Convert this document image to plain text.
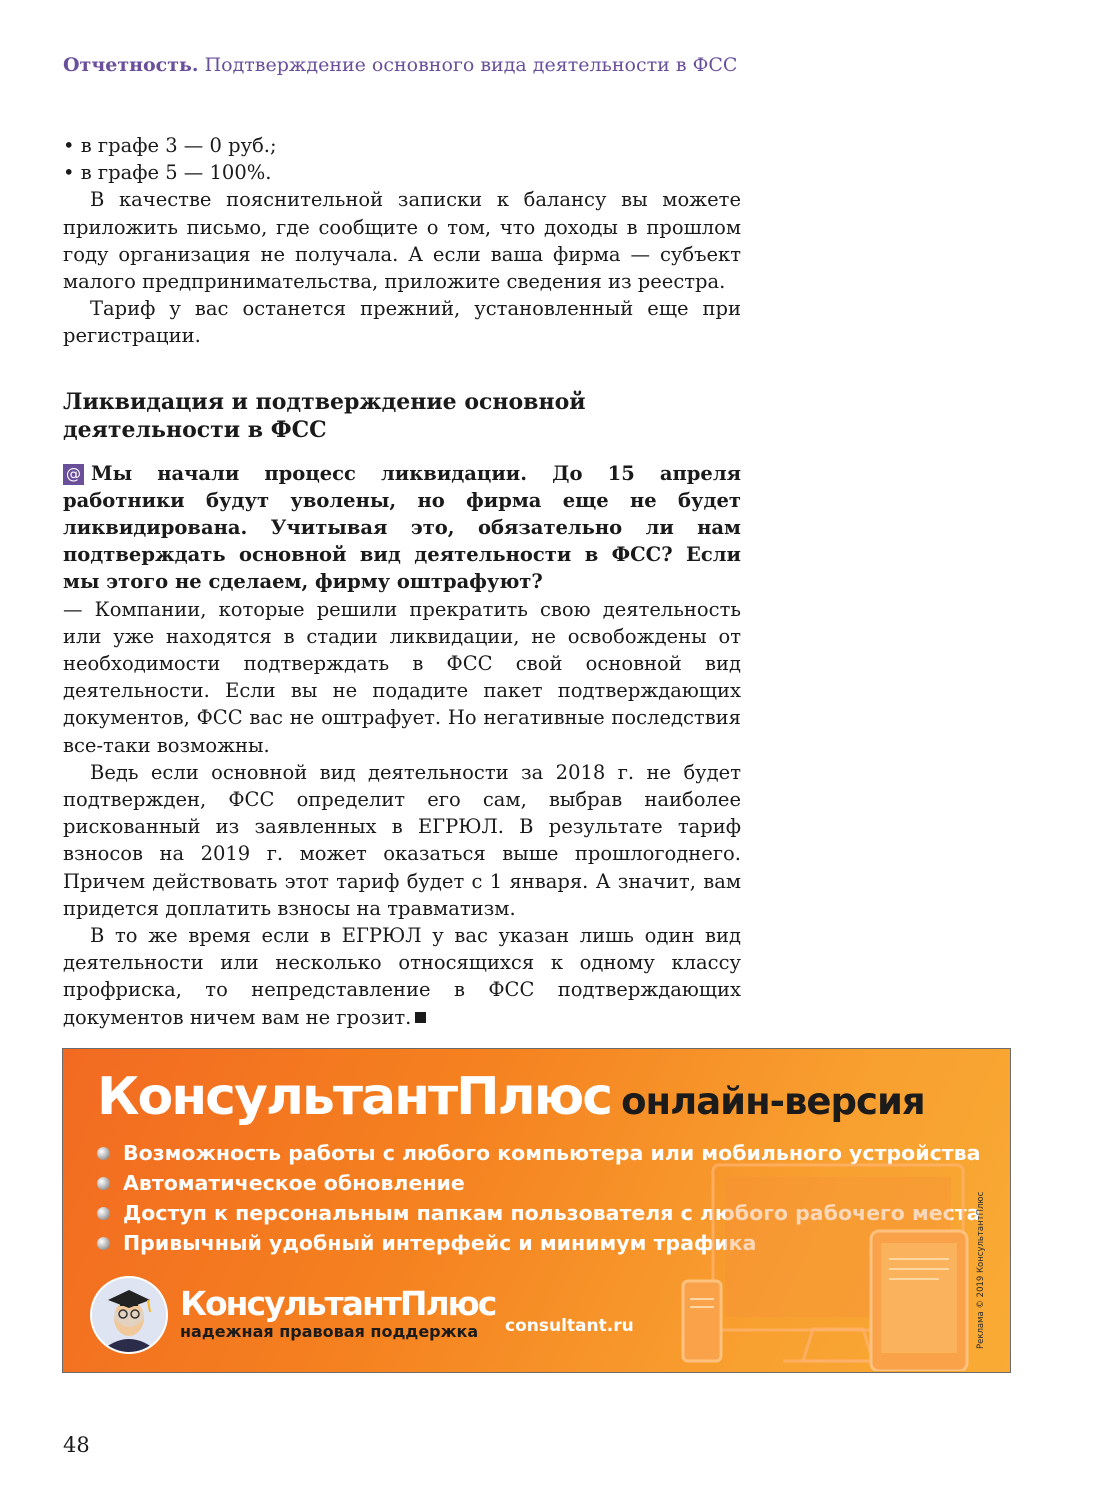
Отчетность. Подтверждение основного вида деятельности в ФСС

• в графе 3 — 0 руб.;

• в графе 5 — 100%.

В качестве пояснительной записки к балансу вы можете приложить письмо, где сообщите о том, что доходы в прошлом году организация не получала. А если ваша фирма — субъект малого предпринимательства, приложите сведения из реестра.

Тариф у вас останется прежний, установленный еще при регистрации.

Ликвидация и подтверждение основной деятельности в ФСС

@ Мы начали процесс ликвидации. До 15 апреля работники будут уволены, но фирма еще не будет ликвидирована. Учитывая это, обязательно ли нам подтверждать основной вид деятельности в ФСС? Если мы этого не сделаем, фирму оштрафуют?

— Компании, которые решили прекратить свою деятельность или уже находятся в стадии ликвидации, не освобождены от необходимости подтверждать в ФСС свой основной вид деятельности. Если вы не подадите пакет подтверждающих документов, ФСС вас не оштрафует. Но негативные последствия все-таки возможны.

Ведь если основной вид деятельности за 2018 г. не будет подтвержден, ФСС определит его сам, выбрав наиболее рискованный из заявленных в ЕГРЮЛ. В результате тариф взносов на 2019 г. может оказаться выше прошлогоднего. Причем действовать этот тариф будет с 1 января. А значит, вам придется доплатить взносы на травматизм.

В то же время если в ЕГРЮЛ у вас указан лишь один вид деятельности или несколько относящихся к одному классу профриска, то непредставление в ФСС подтверждающих документов ничем вам не грозит.

КонсультантПлюс онлайн-версия
Возможность работы с любого компьютера или мобильного устройства
Автоматическое обновление
Доступ к персональным папкам пользователя с любого рабочего места
Привычный удобный интерфейс и минимум трафика
КонсультантПлюс
надежная правовая поддержка	consultant.ru	Реклама © 2019 КонсультантПлюс
48
